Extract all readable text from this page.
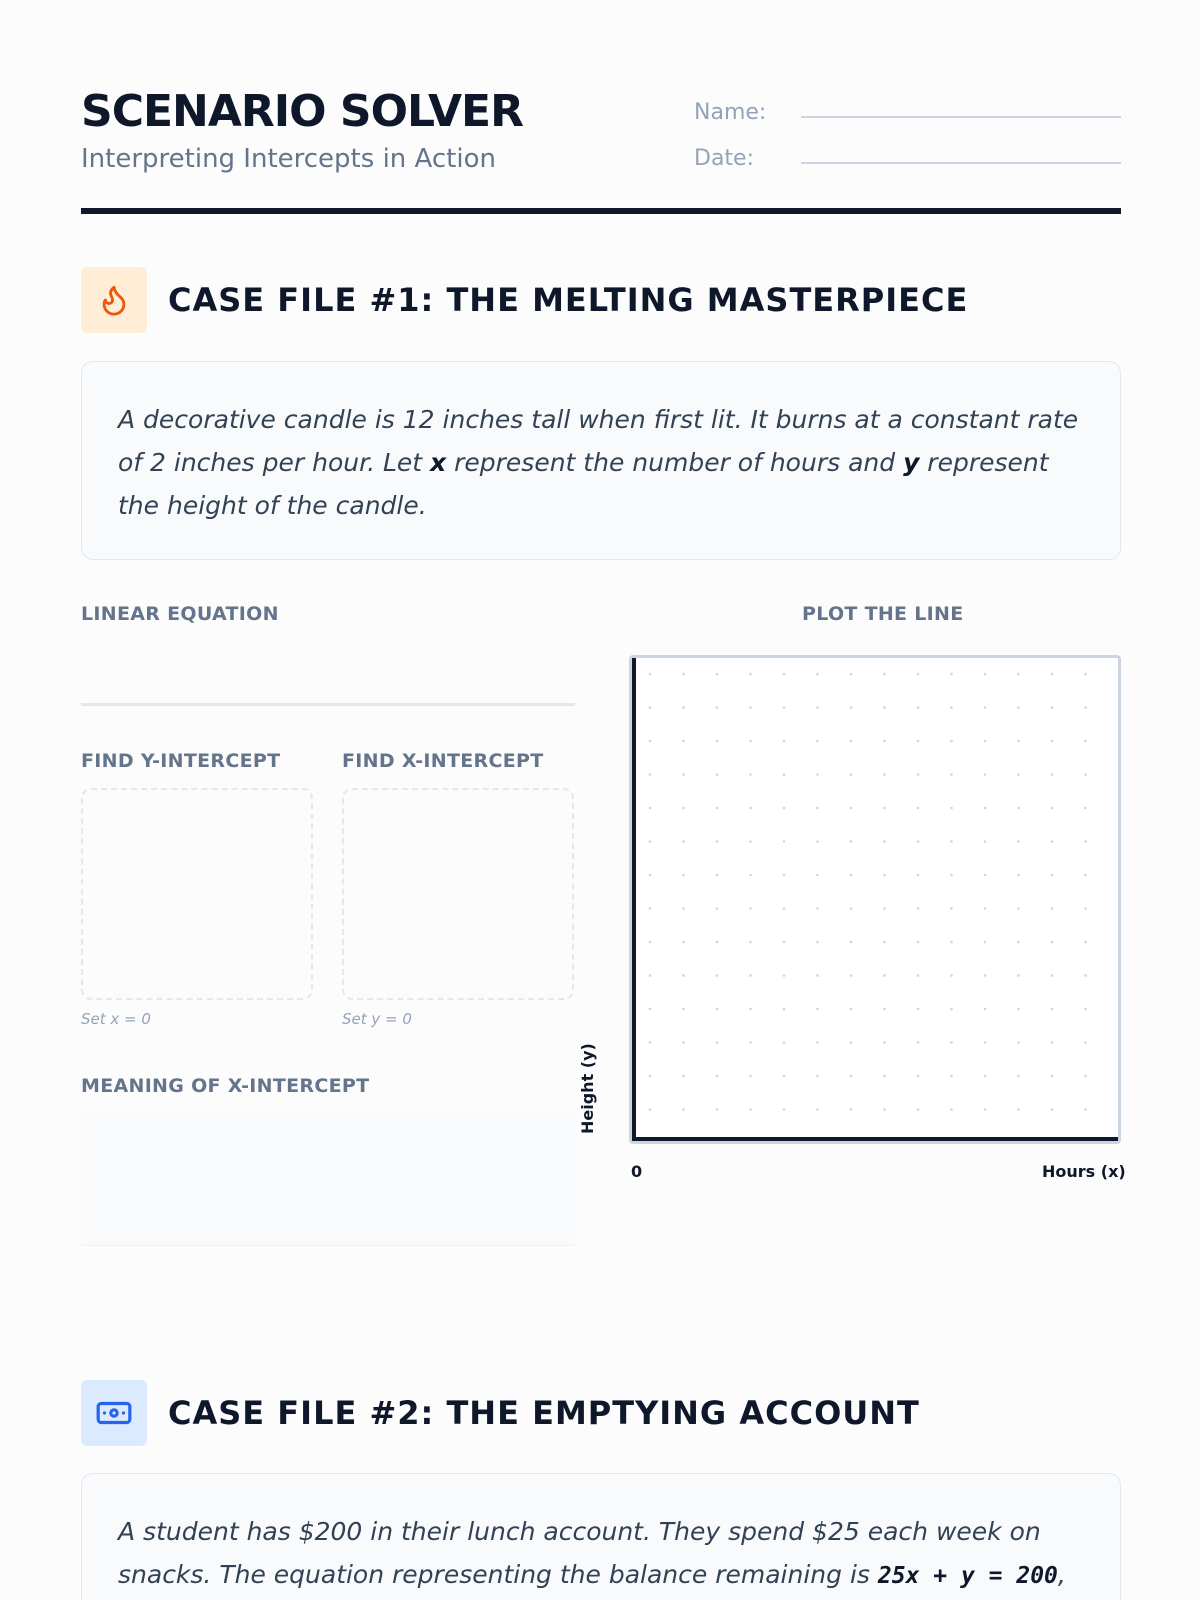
SCENARIO SOLVER
Interpreting Intercepts in Action
Name:
Date:
CASE FILE #1: THE MELTING MASTERPIECE

A decorative candle is 12 inches tall when first lit. It burns at a constant rate of 2 inches per hour. Let x represent the number of hours and y represent the height of the candle.

LINEAR EQUATION
FIND Y-INTERCEPT
Set x = 0
FIND X-INTERCEPT
Set y = 0
MEANING OF X-INTERCEPT
PLOT THE LINE
Height (y)
0	Hours (x)
CASE FILE #2: THE EMPTYING ACCOUNT

A student has $200 in their lunch account. They spend $25 each week on snacks. The equation representing the balance remaining is 25x + y = 200,
